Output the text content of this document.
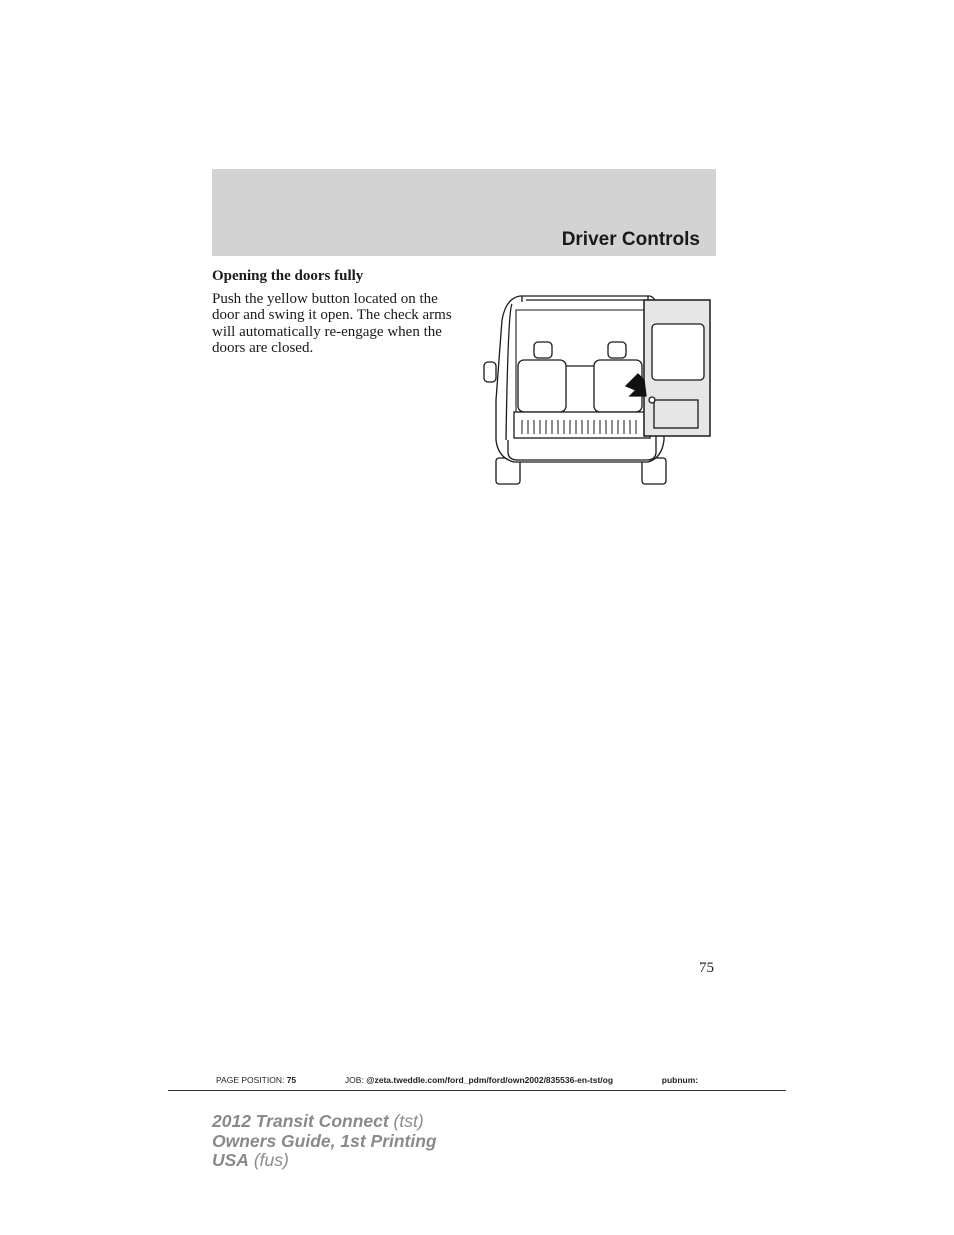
Driver Controls
Opening the doors fully

Push the yellow button located on the door and swing it open. The check arms will automatically re-engage when the doors are closed.

75
PAGE POSITION: 75	JOB: @zeta.tweddle.com/ford_pdm/ford/own2002/835536-en-tst/og	pubnum:
2012 Transit Connect (tst)
Owners Guide, 1st Printing
USA (fus)
